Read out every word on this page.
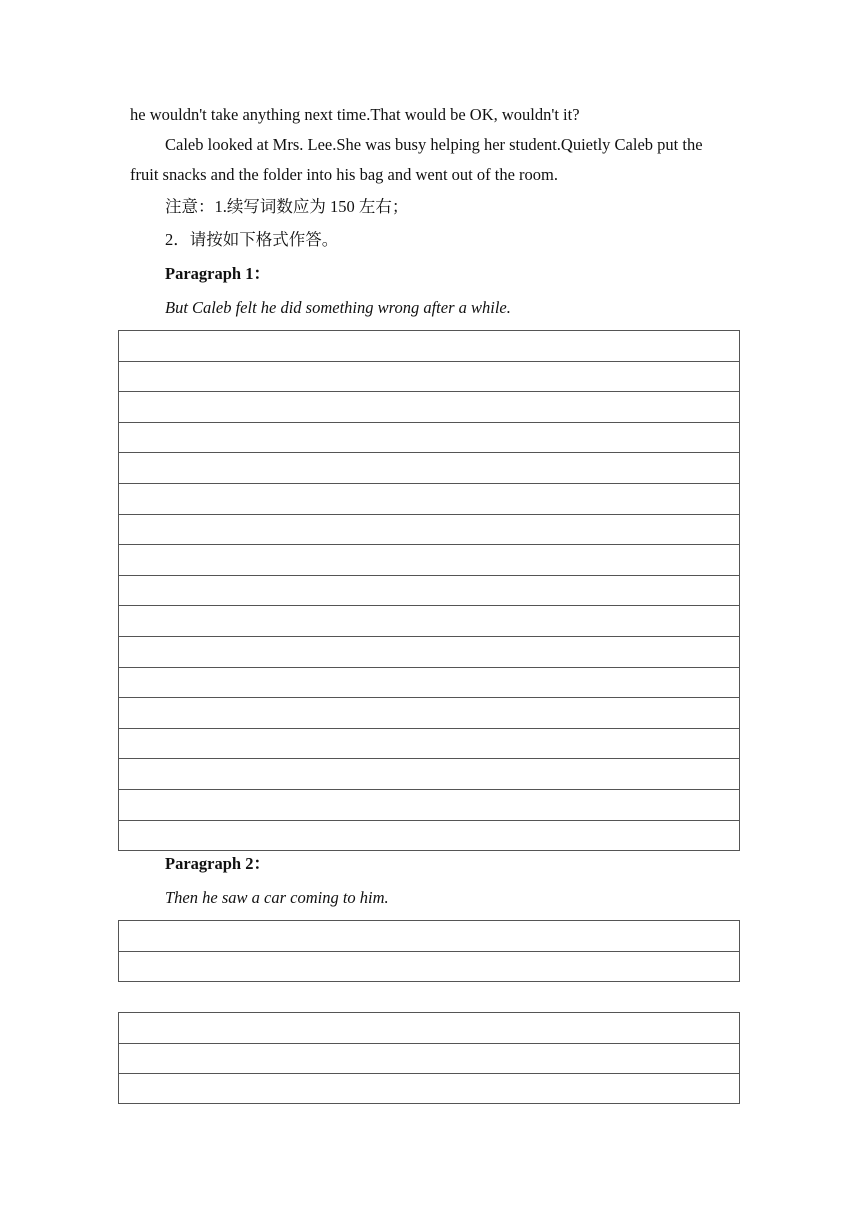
he wouldn't take anything next time.That would be OK, wouldn't it?
Caleb looked at Mrs. Lee.She was busy helping her student.Quietly Caleb put the
fruit snacks and the folder into his bag and went out of the room.
注意：1.续写词数应为 150 左右；
2．请按如下格式作答。
Paragraph 1：
But Caleb felt he did something wrong after a while.
Paragraph 2：
Then he saw a car coming to him.
